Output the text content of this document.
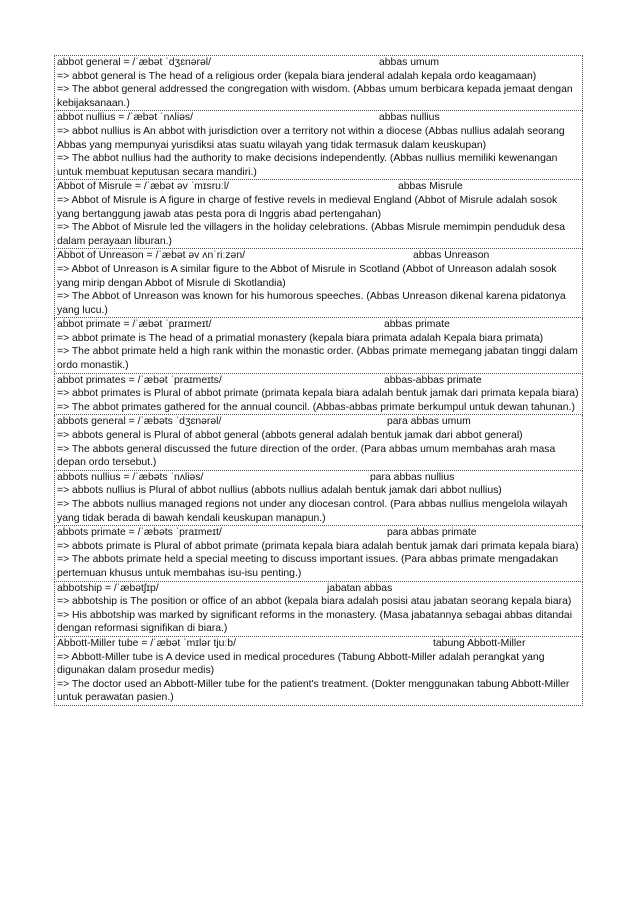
abbot general = /ˈæbət ˈdʒɛnərəl/	abbas umum
=> abbot general is The head of a religious order (kepala biara jenderal adalah kepala ordo keagamaan)
=> The abbot general addressed the congregation with wisdom. (Abbas umum berbicara kepada jemaat dengan kebijaksanaan.)
abbot nullius = /ˈæbət ˈnʌliəs/	abbas nullius
=> abbot nullius is An abbot with jurisdiction over a territory not within a diocese (Abbas nullius adalah seorang Abbas yang mempunyai yurisdiksi atas suatu wilayah yang tidak termasuk dalam keuskupan)
=> The abbot nullius had the authority to make decisions independently. (Abbas nullius memiliki kewenangan untuk membuat keputusan secara mandiri.)
Abbot of Misrule = /ˈæbət əv ˈmɪsruːl/	abbas Misrule
=> Abbot of Misrule is A figure in charge of festive revels in medieval England (Abbot of Misrule adalah sosok yang bertanggung jawab atas pesta pora di Inggris abad pertengahan)
=> The Abbot of Misrule led the villagers in the holiday celebrations. (Abbas Misrule memimpin penduduk desa dalam perayaan liburan.)
Abbot of Unreason = /ˈæbət əv ʌnˈriːzən/	abbas Unreason
=> Abbot of Unreason is A similar figure to the Abbot of Misrule in Scotland (Abbot of Unreason adalah sosok yang mirip dengan Abbot of Misrule di Skotlandia)
=> The Abbot of Unreason was known for his humorous speeches. (Abbas Unreason dikenal karena pidatonya yang lucu.)
abbot primate = /ˈæbət ˈpraɪmeɪt/	abbas primate
=> abbot primate is The head of a primatial monastery (kepala biara primata adalah Kepala biara primata)
=> The abbot primate held a high rank within the monastic order. (Abbas primate memegang jabatan tinggi dalam ordo monastik.)
abbot primates = /ˈæbət ˈpraɪmeɪts/	abbas-abbas primate
=> abbot primates is Plural of abbot primate (primata kepala biara adalah bentuk jamak dari primata kepala biara)
=> The abbot primates gathered for the annual council. (Abbas-abbas primate berkumpul untuk dewan tahunan.)
abbots general = /ˈæbəts ˈdʒɛnərəl/	para abbas umum
=> abbots general is Plural of abbot general (abbots general adalah bentuk jamak dari abbot general)
=> The abbots general discussed the future direction of the order. (Para abbas umum membahas arah masa depan ordo tersebut.)
abbots nullius = /ˈæbəts ˈnʌliəs/	para abbas nullius
=> abbots nullius is Plural of abbot nullius (abbots nullius adalah bentuk jamak dari abbot nullius)
=> The abbots nullius managed regions not under any diocesan control. (Para abbas nullius mengelola wilayah yang tidak berada di bawah kendali keuskupan manapun.)
abbots primate = /ˈæbəts ˈpraɪmeɪt/	para abbas primate
=> abbots primate is Plural of abbot primate (primata kepala biara adalah bentuk jamak dari primata kepala biara)
=> The abbots primate held a special meeting to discuss important issues. (Para abbas primate mengadakan pertemuan khusus untuk membahas isu-isu penting.)
abbotship = /ˈæbətʃɪp/	jabatan abbas
=> abbotship is The position or office of an abbot (kepala biara adalah posisi atau jabatan seorang kepala biara)
=> His abbotship was marked by significant reforms in the monastery. (Masa jabatannya sebagai abbas ditandai dengan reformasi signifikan di biara.)
Abbott-Miller tube = /ˈæbət ˈmɪlər tjuːb/	tabung Abbott-Miller
=> Abbott-Miller tube is A device used in medical procedures (Tabung Abbott-Miller adalah perangkat yang digunakan dalam prosedur medis)
=> The doctor used an Abbott-Miller tube for the patient's treatment. (Dokter menggunakan tabung Abbott-Miller untuk perawatan pasien.)
